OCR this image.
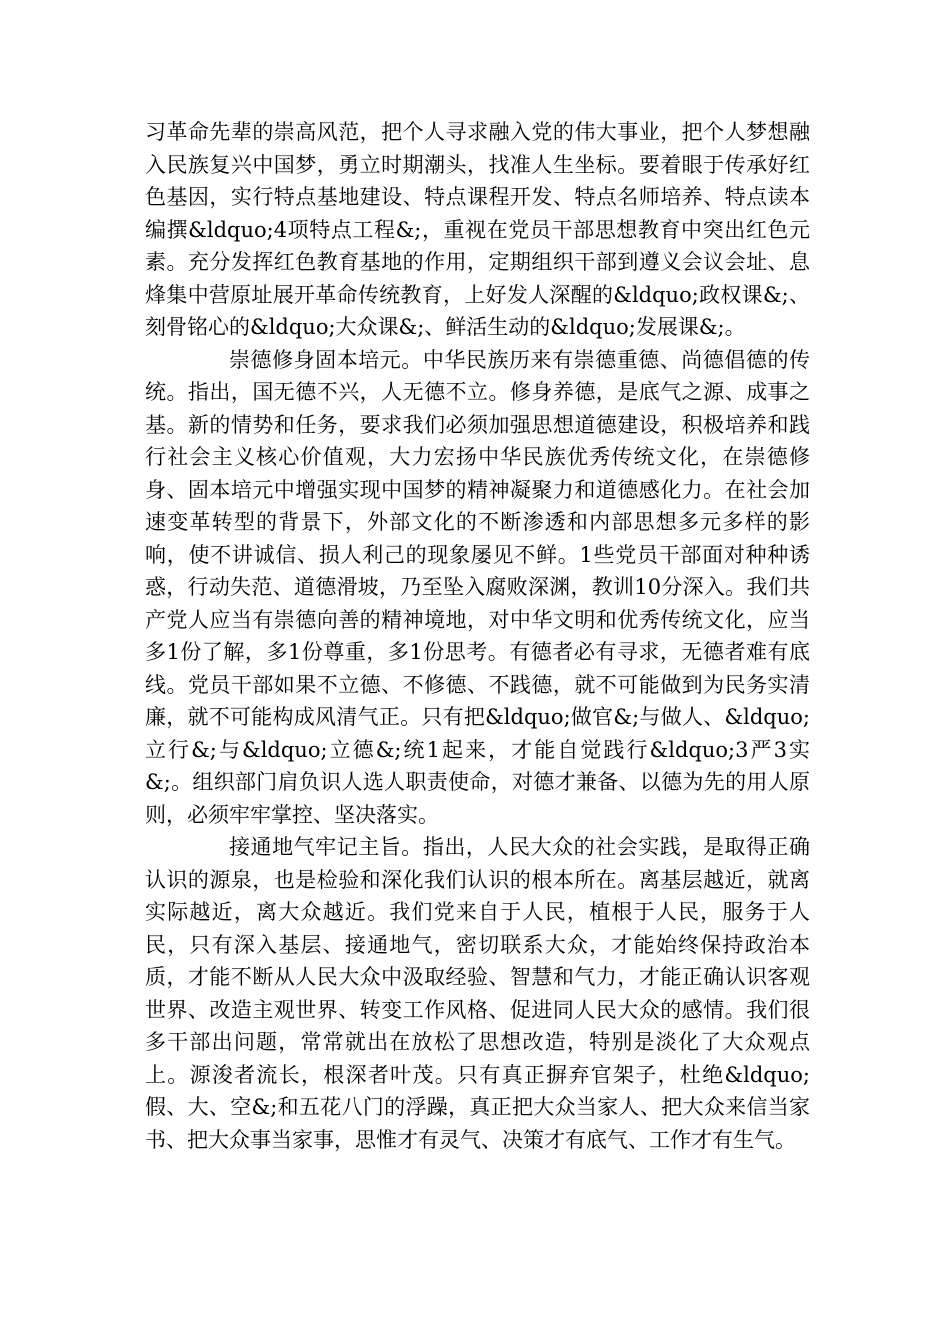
习革命先辈的崇高风范，把个人寻求融入党的伟大事业，把个人梦想融入民族复兴中国梦，勇立时期潮头，找准人生坐标。要着眼于传承好红色基因，实行特点基地建设、特点课程开发、特点名师培养、特点读本编撰&ldquo;4项特点工程&;，重视在党员干部思想教育中突出红色元素。充分发挥红色教育基地的作用，定期组织干部到遵义会议会址、息烽集中营原址展开革命传统教育，上好发人深醒的&ldquo;政权课&;、刻骨铭心的&ldquo;大众课&;、鲜活生动的&ldquo;发展课&;。

崇德修身固本培元。中华民族历来有崇德重德、尚德倡德的传统。指出，国无德不兴，人无德不立。修身养德，是底气之源、成事之基。新的情势和任务，要求我们必须加强思想道德建设，积极培养和践行社会主义核心价值观，大力宏扬中华民族优秀传统文化，在崇德修身、固本培元中增强实现中国梦的精神凝聚力和道德感化力。在社会加速变革转型的背景下，外部文化的不断渗透和内部思想多元多样的影响，使不讲诚信、损人利己的现象屡见不鲜。1些党员干部面对种种诱惑，行动失范、道德滑坡，乃至坠入腐败深渊，教训10分深入。我们共产党人应当有崇德向善的精神境地，对中华文明和优秀传统文化，应当多1份了解，多1份尊重，多1份思考。有德者必有寻求，无德者难有底线。党员干部如果不立德、不修德、不践德，就不可能做到为民务实清廉，就不可能构成风清气正。只有把&ldquo;做官&;与做人、&ldquo;立行&;与&ldquo;立德&;统1起来，才能自觉践行&ldquo;3严3实&;。组织部门肩负识人选人职责使命，对德才兼备、以德为先的用人原则，必须牢牢掌控、坚决落实。

接通地气牢记主旨。指出，人民大众的社会实践，是取得正确认识的源泉，也是检验和深化我们认识的根本所在。离基层越近，就离实际越近，离大众越近。我们党来自于人民，植根于人民，服务于人民，只有深入基层、接通地气，密切联系大众，才能始终保持政治本质，才能不断从人民大众中汲取经验、智慧和气力，才能正确认识客观世界、改造主观世界、转变工作风格、促进同人民大众的感情。我们很多干部出问题，常常就出在放松了思想改造，特别是淡化了大众观点上。源浚者流长，根深者叶茂。只有真正摒弃官架子，杜绝&ldquo;假、大、空&;和五花八门的浮躁，真正把大众当家人、把大众来信当家书、把大众事当家事，思惟才有灵气、决策才有底气、工作才有生气。
